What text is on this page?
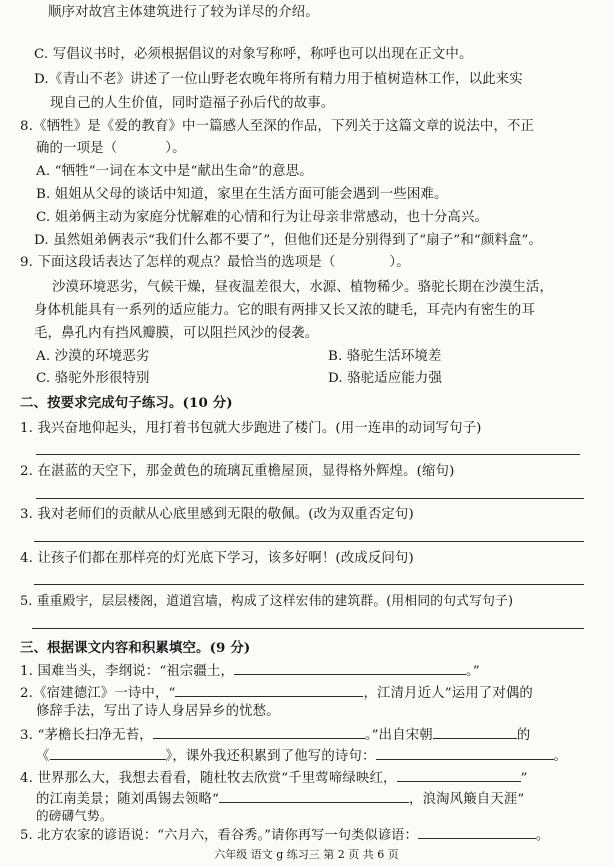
顺序对故宫主体建筑进行了较为详尽的介绍。
C. 写倡议书时，必须根据倡议的对象写称呼，称呼也可以出现在正文中。
D.《青山不老》讲述了一位山野老农晚年将所有精力用于植树造林工作，以此来实
现自己的人生价值，同时造福子孙后代的故事。
8.《牺牲》是《爱的教育》中一篇感人至深的作品，下列关于这篇文章的说法中，不正
确的一项是（	）。
A. “牺牲”一词在本文中是“献出生命”的意思。
B. 姐姐从父母的谈话中知道，家里在生活方面可能会遇到一些困难。
C. 姐弟俩主动为家庭分忧解难的心情和行为让母亲非常感动，也十分高兴。
D. 虽然姐弟俩表示“我们什么都不要了”，但他们还是分别得到了“扇子”和“颜料盒”。
9. 下面这段话表达了怎样的观点？最恰当的选项是（	）。
沙漠环境恶劣，气候干燥，昼夜温差很大，水源、植物稀少。骆驼长期在沙漠生活，
身体机能具有一系列的适应能力。它的眼有两排又长又浓的睫毛，耳壳内有密生的耳
毛，鼻孔内有挡风瓣膜，可以阻拦风沙的侵袭。
A. 沙漠的环境恶劣	B. 骆驼生活环境差
C. 骆驼外形很特别	D. 骆驼适应能力强
二、按要求完成句子练习。(10 分)
1. 我兴奋地仰起头，甩打着书包就大步跑进了楼门。(用一连串的动词写句子)
2. 在湛蓝的天空下，那金黄色的琉璃瓦重檐屋顶，显得格外辉煌。(缩句)
3. 我对老师们的贡献从心底里感到无限的敬佩。(改为双重否定句)
4. 让孩子们都在那样亮的灯光底下学习，该多好啊！(改成反问句)
5. 重重殿宇，层层楼阁，道道宫墙，构成了这样宏伟的建筑群。(用相同的句式写句子)
三、根据课文内容和积累填空。(9 分)
1. 国难当头，李纲说：“祖宗疆土，	。”
2.《宿建德江》一诗中，“	，江清月近人”运用了对偶的
修辞手法，写出了诗人身居异乡的忧愁。
3. “茅檐长扫净无苔，	。”出自宋朝	的
《	》，课外我还积累到了他写的诗句：	。
4. 世界那么大，我想去看看，随杜牧去欣赏“千里莺啼绿映红，	”
的江南美景；随刘禹锡去领略“	，浪淘风簸自天涯”
六年级 语文 g 练习三 第 2 页 共 6 页
的磅礴气势。
5. 北方农家的谚语说：“六月六，看谷秀。”请你再写一句类似谚语：	。
